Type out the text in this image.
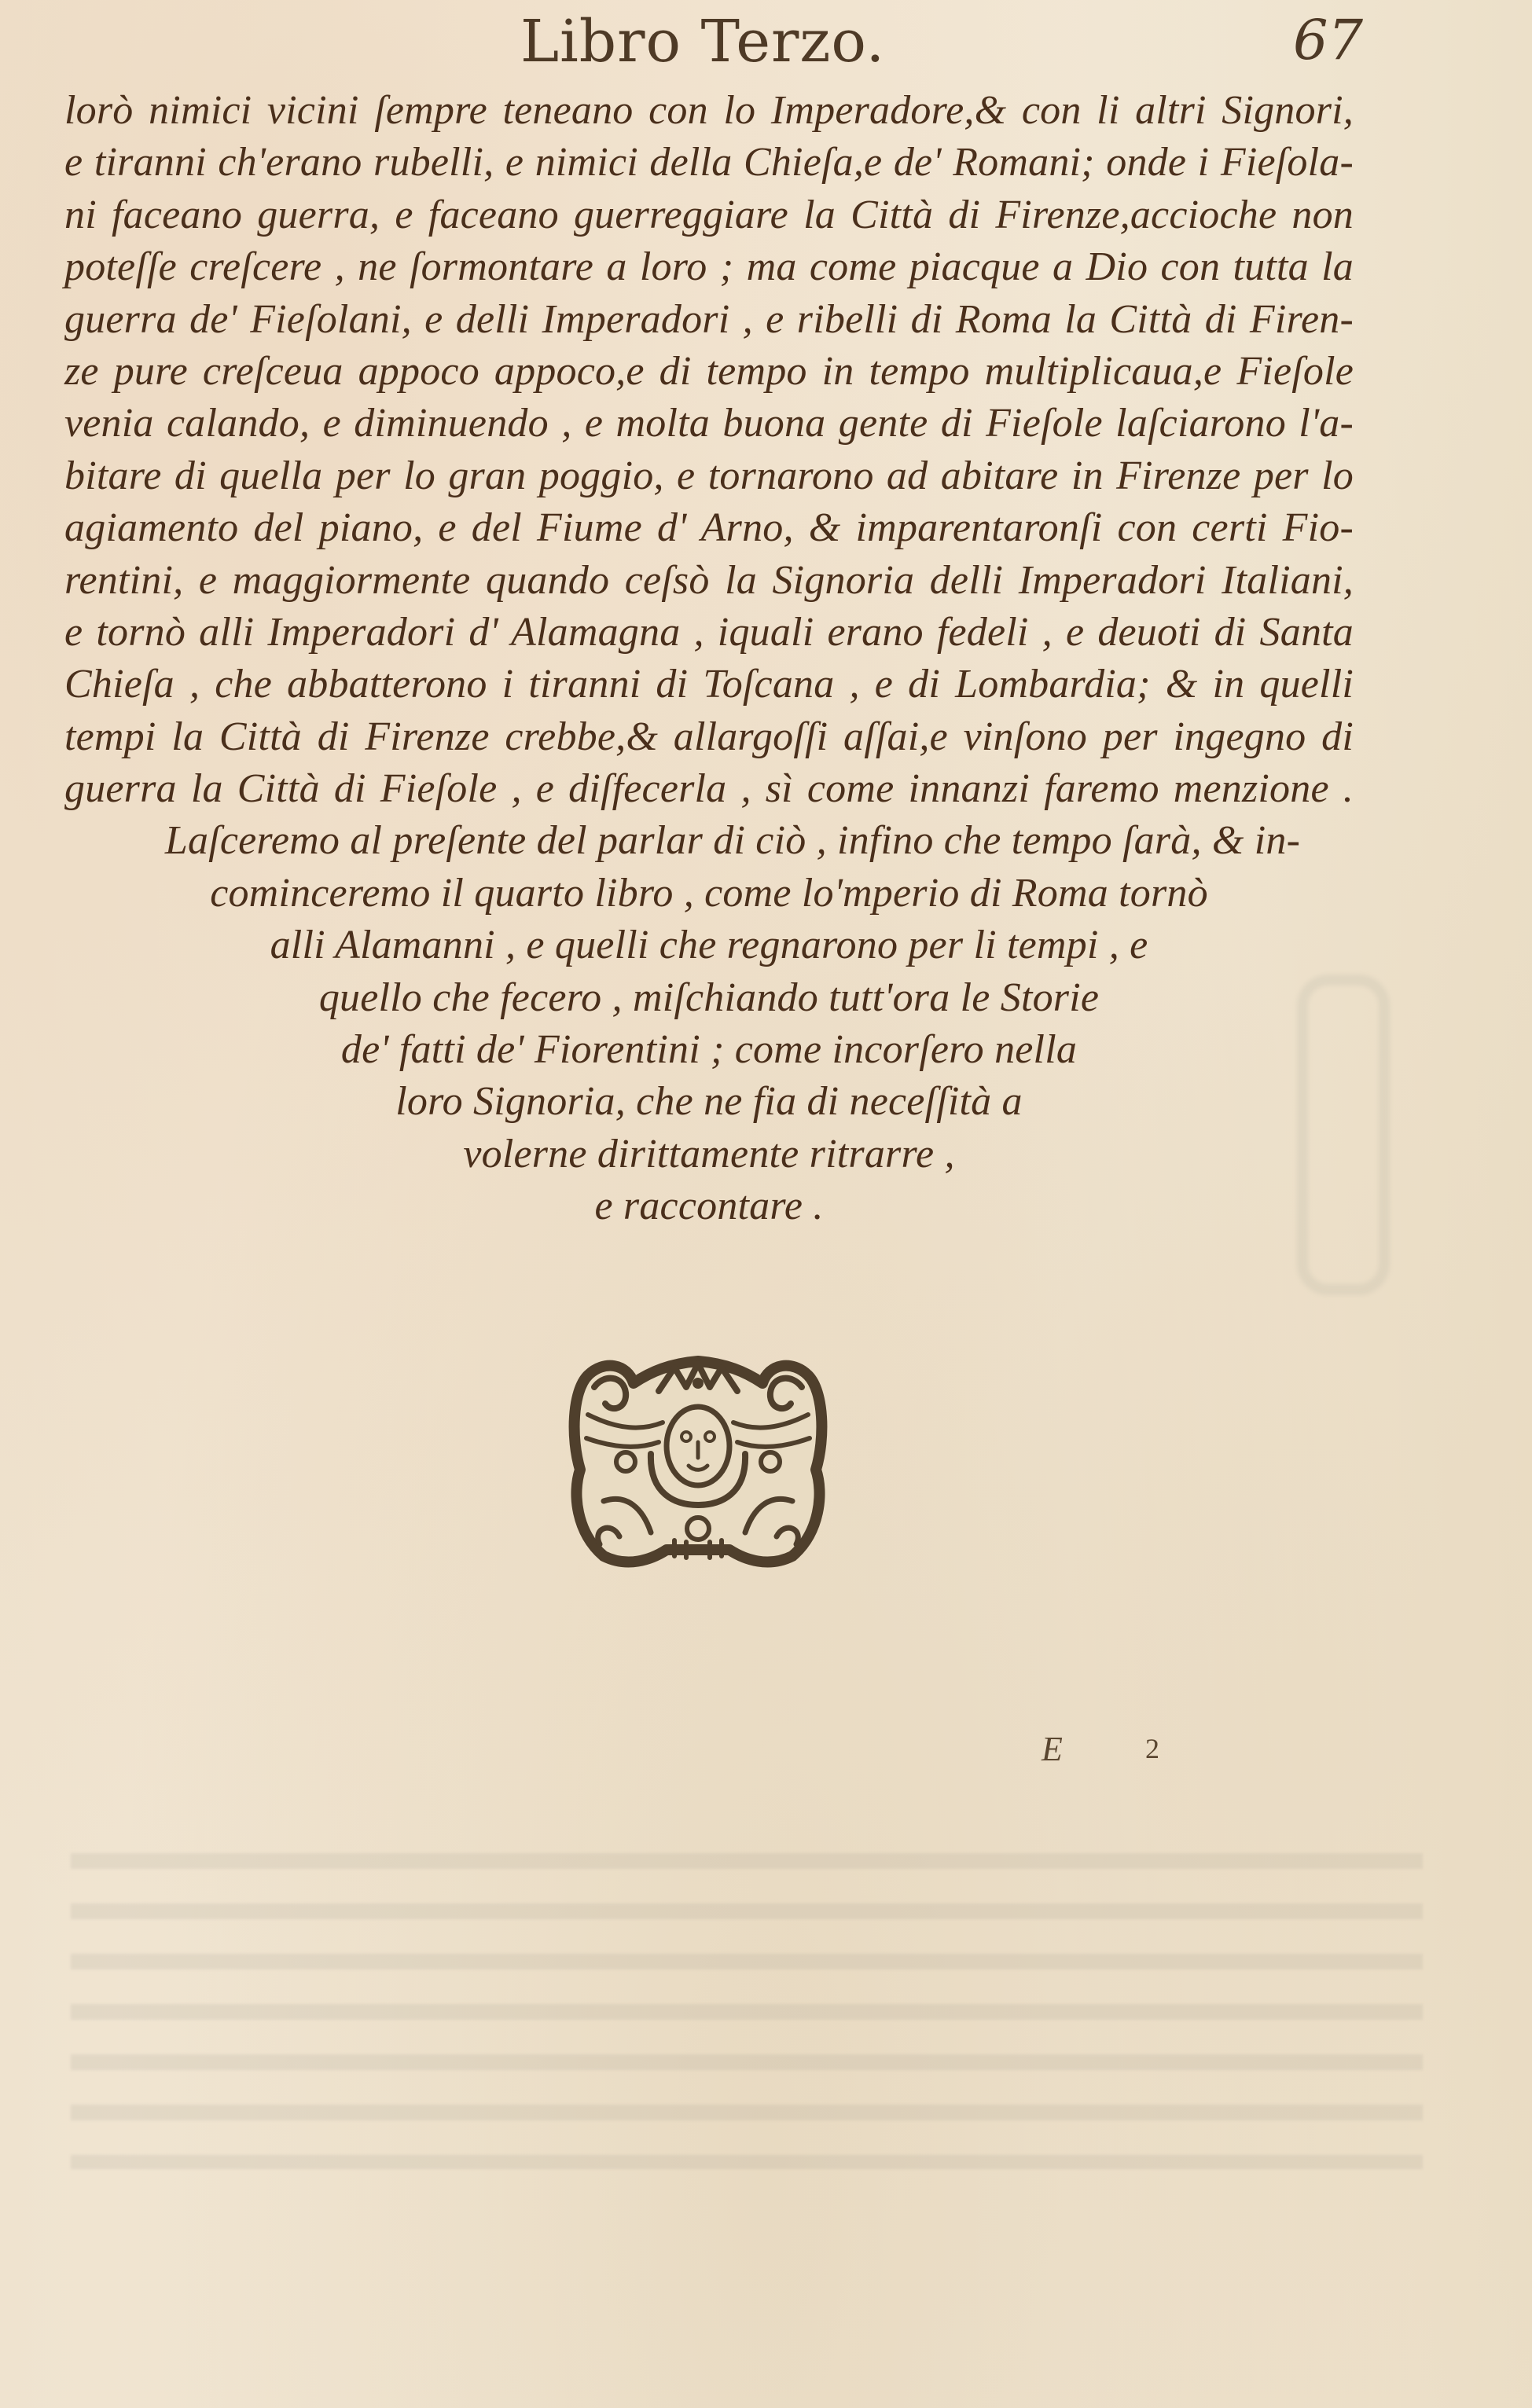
Libro Terzo.	67
lorò nimici vicini ſempre teneano con lo Imperadore,& con li altri Signori,
e tiranni ch'erano rubelli, e nimici della Chieſa,e de' Romani; onde i Fieſola-
ni faceano guerra, e faceano guerreggiare la Città di Firenze,accioche non
poteſſe creſcere , ne ſormontare a loro ; ma come piacque a Dio con tutta la
guerra de' Fieſolani, e delli Imperadori , e ribelli di Roma la Città di Firen-
ze pure creſceua appoco appoco,e di tempo in tempo multiplicaua,e Fieſole
venia calando, e diminuendo , e molta buona gente di Fieſole laſciarono l'a-
bitare di quella per lo gran poggio, e tornarono ad abitare in Firenze per lo
agiamento del piano, e del Fiume d' Arno, & imparentaronſi con certi Fio-
rentini, e maggiormente quando ceſsò la Signoria delli Imperadori Italiani,
e tornò alli Imperadori d' Alamagna , iquali erano fedeli , e deuoti di Santa
Chieſa , che abbatterono i tiranni di Toſcana , e di Lombardia; & in quelli
tempi la Città di Firenze crebbe,& allargoſſi aſſai,e vinſono per ingegno di
guerra la Città di Fieſole , e diſfecerla , sì come innanzi faremo menzione .
Laſceremo al preſente del parlar di ciò , infino che tempo ſarà, & in-
cominceremo il quarto libro , come lo'mperio di Roma tornò
alli Alamanni , e quelli che regnarono per li tempi , e
quello che fecero , miſchiando tutt'ora le Storie
de' fatti de' Fiorentini ; come incorſero nella
loro Signoria, che ne fia di neceſſità a
volerne dirittamente ritrarre ,
e raccontare .
E	2
